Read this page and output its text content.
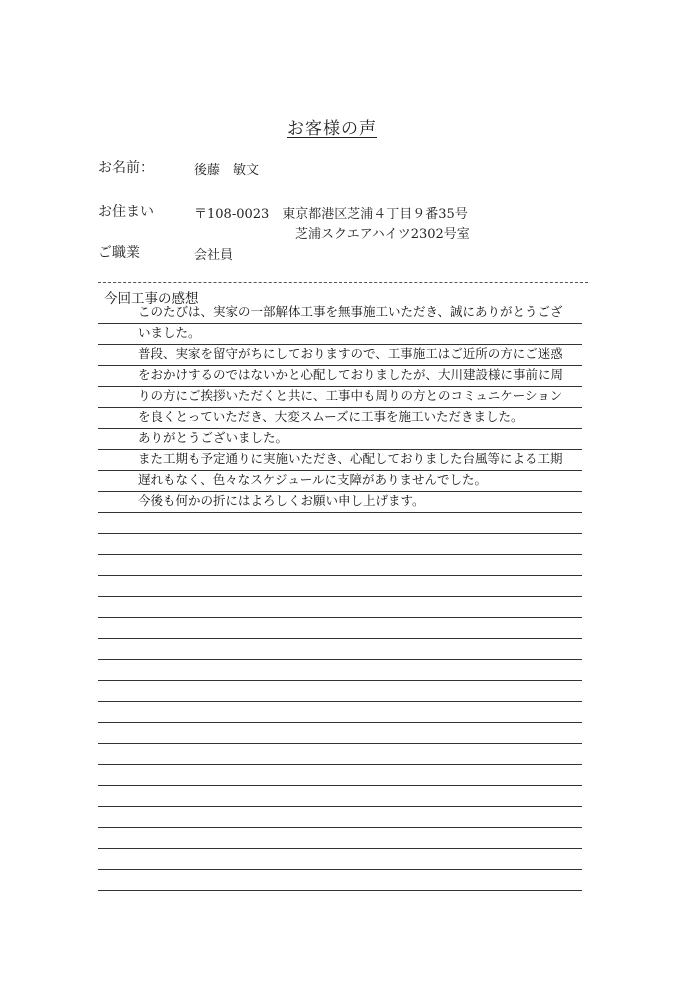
お客様の声
お名前：	後藤　敏文
お住まい	〒108-0023　東京都港区芝浦４丁目９番35号
芝浦スクエアハイツ2302号室
ご職業	会社員
今回工事の感想
このたびは、実家の一部解体工事を無事施工いただき、誠にありがとうござ
いました。
普段、実家を留守がちにしておりますので、工事施工はご近所の方にご迷惑
をおかけするのではないかと心配しておりましたが、大川建設様に事前に周
りの方にご挨拶いただくと共に、工事中も周りの方とのコミュニケーション
を良くとっていただき、大変スムーズに工事を施工いただきました。
ありがとうございました。
また工期も予定通りに実施いただき、心配しておりました台風等による工期
遅れもなく、色々なスケジュールに支障がありませんでした。
今後も何かの折にはよろしくお願い申し上げます。
